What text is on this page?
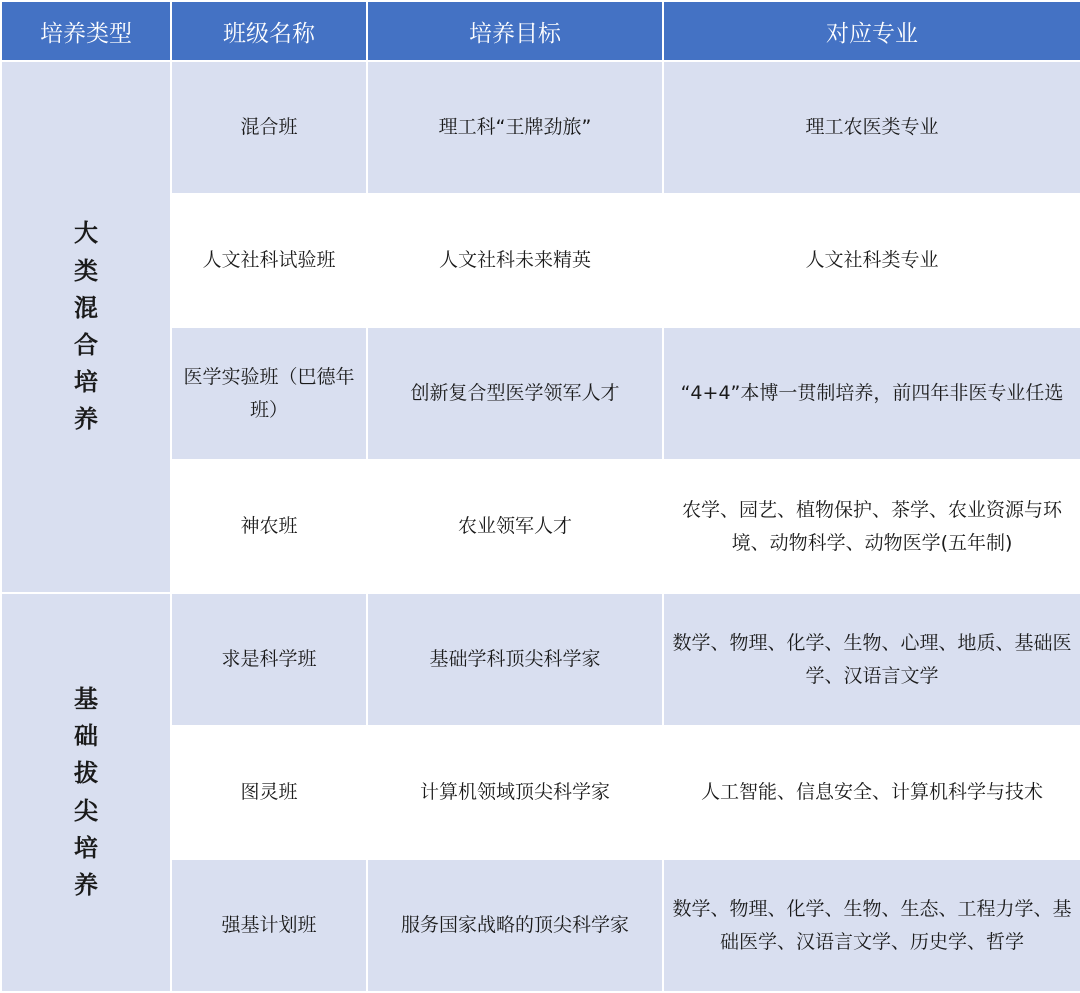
培养类型	班级名称	培养目标	对应专业
大类混合培养	混合班	理工科“王牌劲旅”	理工农医类专业
	人文社科试验班	人文社科未来精英	人文社科类专业
	医学实验班（巴德年班）	创新复合型医学领军人才	“4+4”本博一贯制培养，前四年非医专业任选
	神农班	农业领军人才	农学、园艺、植物保护、茶学、农业资源与环境、动物科学、动物医学(五年制)
基础拔尖培养	求是科学班	基础学科顶尖科学家	数学、物理、化学、生物、心理、地质、基础医学、汉语言文学
	图灵班	计算机领域顶尖科学家	人工智能、信息安全、计算机科学与技术
	强基计划班	服务国家战略的顶尖科学家	数学、物理、化学、生物、生态、工程力学、基础医学、汉语言文学、历史学、哲学
